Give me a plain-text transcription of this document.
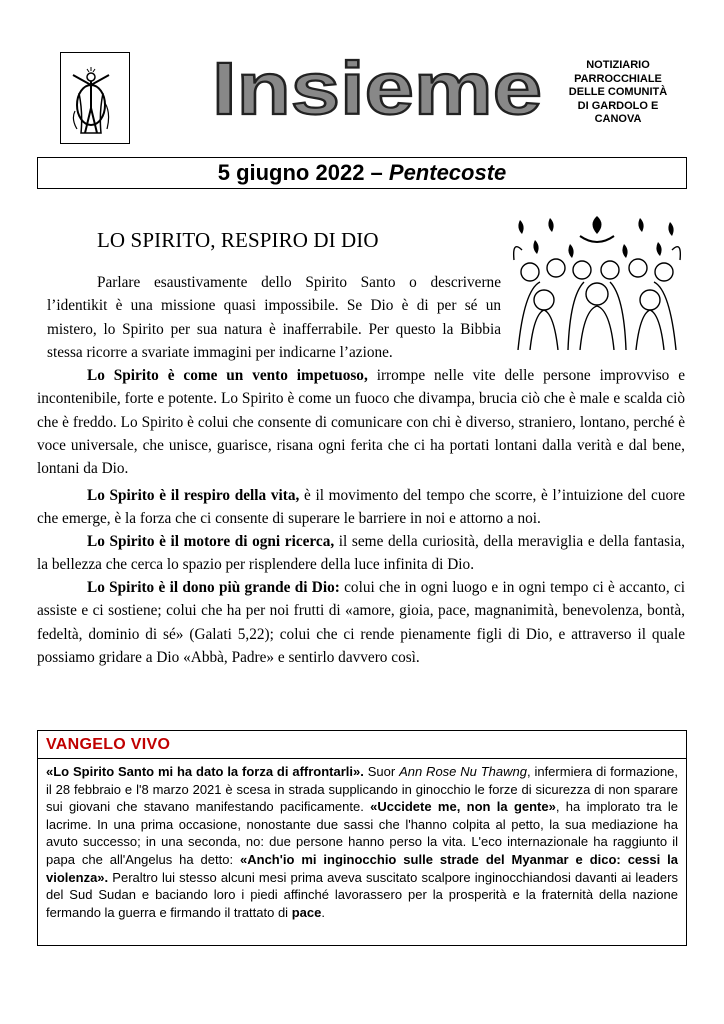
Insieme	NOTIZIARIO
PARROCCHIALE
DELLE COMUNITÀ
DI GARDOLO E
CANOVA
5 giugno 2022 – Pentecoste
LO SPIRITO, RESPIRO DI DIO
Parlare esaustivamente dello Spirito Santo o descriverne l’identikit è una missione quasi impossibile. Se Dio è di per sé un mistero, lo Spirito per sua natura è inafferrabile. Per questo la Bibbia stessa ricorre a svariate immagini per indicarne l’azione.
Lo Spirito è come un vento impetuoso, irrompe nelle vite delle persone improvviso e incontenibile, forte e potente. Lo Spirito è come un fuoco che divampa, brucia ciò che è male e scalda ciò che è freddo. Lo Spirito è colui che consente di comunicare con chi è diverso, straniero, lontano, perché è voce universale, che unisce, guarisce, risana ogni ferita che ci ha portati lontani dalla verità e dal bene, lontani da Dio.
Lo Spirito è il respiro della vita, è il movimento del tempo che scorre, è l’intuizione del cuore che emerge, è la forza che ci consente di superare le barriere in noi e attorno a noi.
Lo Spirito è il motore di ogni ricerca, il seme della curiosità, della meraviglia e della fantasia, la bellezza che cerca lo spazio per risplendere della luce infinita di Dio.
Lo Spirito è il dono più grande di Dio: colui che in ogni luogo e in ogni tempo ci è accanto, ci assiste e ci sostiene; colui che ha per noi frutti di «amore, gioia, pace, magnanimità, benevolenza, bontà, fedeltà, dominio di sé» (Galati 5,22); colui che ci rende pienamente figli di Dio, e attraverso il quale possiamo gridare a Dio «Abbà, Padre» e sentirlo davvero così.
VANGELO VIVO
«Lo Spirito Santo mi ha dato la forza di affrontarli». Suor Ann Rose Nu Thawng, infermiera di formazione, il 28 febbraio e l'8 marzo 2021 è scesa in strada supplicando in ginocchio le forze di sicurezza di non sparare sui giovani che stavano manifestando pacificamente. «Uccidete me, non la gente», ha implorato tra le lacrime. In una prima occasione, nonostante due sassi che l'hanno colpita al petto, la sua mediazione ha avuto successo; in una seconda, no: due persone hanno perso la vita. L'eco internazionale ha raggiunto il papa che all'Angelus ha detto: «Anch'io mi inginocchio sulle strade del Myanmar e dico: cessi la violenza». Peraltro lui stesso alcuni mesi prima aveva suscitato scalpore inginocchiandosi davanti ai leaders del Sud Sudan e baciando loro i piedi affinché lavorassero per la prosperità e la fraternità della nazione fermando la guerra e firmando il trattato di pace.
